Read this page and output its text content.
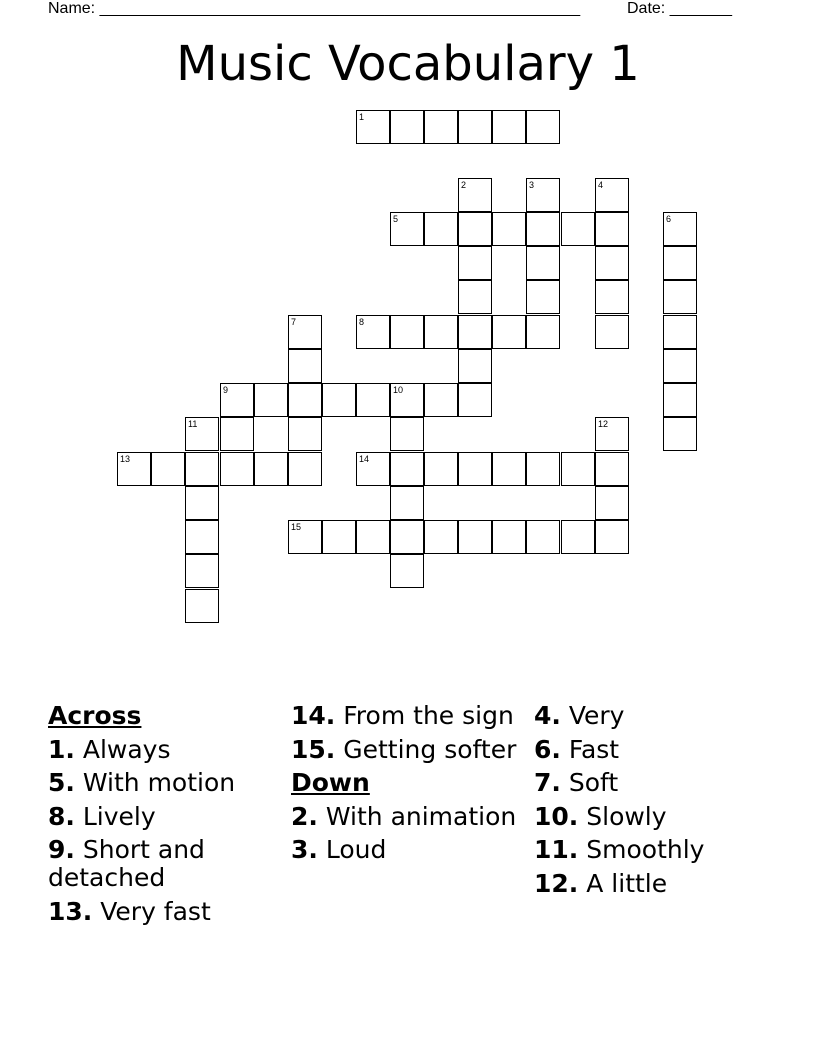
Name: ______________________________________________________	Date: _______
Music Vocabulary 1
1
2	3	4
5	6
7	8
9	10
11	12
13	14
15
Across
1. Always
5. With motion
8. Lively
9. Short and detached
13. Very fast
14. From the sign
15. Getting softer
Down
2. With animation
3. Loud
4. Very
6. Fast
7. Soft
10. Slowly
11. Smoothly
12. A little
